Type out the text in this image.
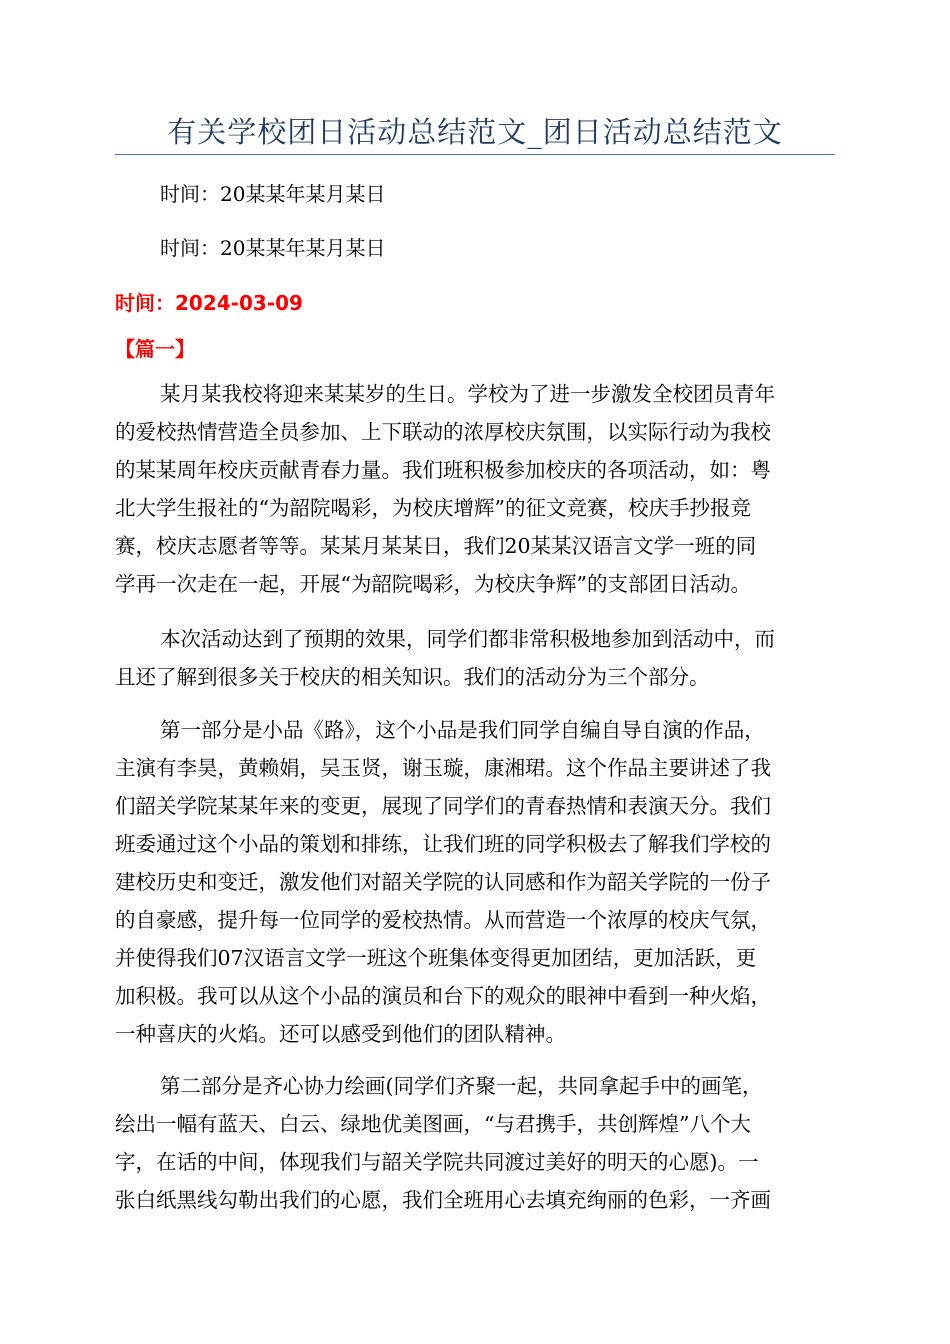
有关学校团日活动总结范文_团日活动总结范文
时间：20某某年某月某日
时间：20某某年某月某日
时间：2024-03-09
【篇一】
某月某我校将迎来某某岁的生日。学校为了进一步激发全校团员青年
的爱校热情营造全员参加、上下联动的浓厚校庆氛围，以实际行动为我校
的某某周年校庆贡献青春力量。我们班积极参加校庆的各项活动，如：粤
北大学生报社的“为韶院喝彩，为校庆增辉”的征文竞赛，校庆手抄报竞
赛，校庆志愿者等等。某某月某某日，我们20某某汉语言文学一班的同
学再一次走在一起，开展“为韶院喝彩，为校庆争辉”的支部团日活动。
本次活动达到了预期的效果，同学们都非常积极地参加到活动中，而
且还了解到很多关于校庆的相关知识。我们的活动分为三个部分。
第一部分是小品《路》，这个小品是我们同学自编自导自演的作品，
主演有李昊，黄赖娟，吴玉贤，谢玉璇，康湘珺。这个作品主要讲述了我
们韶关学院某某年来的变更，展现了同学们的青春热情和表演天分。我们
班委通过这个小品的策划和排练，让我们班的同学积极去了解我们学校的
建校历史和变迁，激发他们对韶关学院的认同感和作为韶关学院的一份子
的自豪感，提升每一位同学的爱校热情。从而营造一个浓厚的校庆气氛，
并使得我们07汉语言文学一班这个班集体变得更加团结，更加活跃，更
加积极。我可以从这个小品的演员和台下的观众的眼神中看到一种火焰，
一种喜庆的火焰。还可以感受到他们的团队精神。
第二部分是齐心协力绘画(同学们齐聚一起，共同拿起手中的画笔，
绘出一幅有蓝天、白云、绿地优美图画，“与君携手，共创辉煌”八个大
字，在话的中间，体现我们与韶关学院共同渡过美好的明天的心愿)。一
张白纸黑线勾勒出我们的心愿，我们全班用心去填充绚丽的色彩，一齐画
